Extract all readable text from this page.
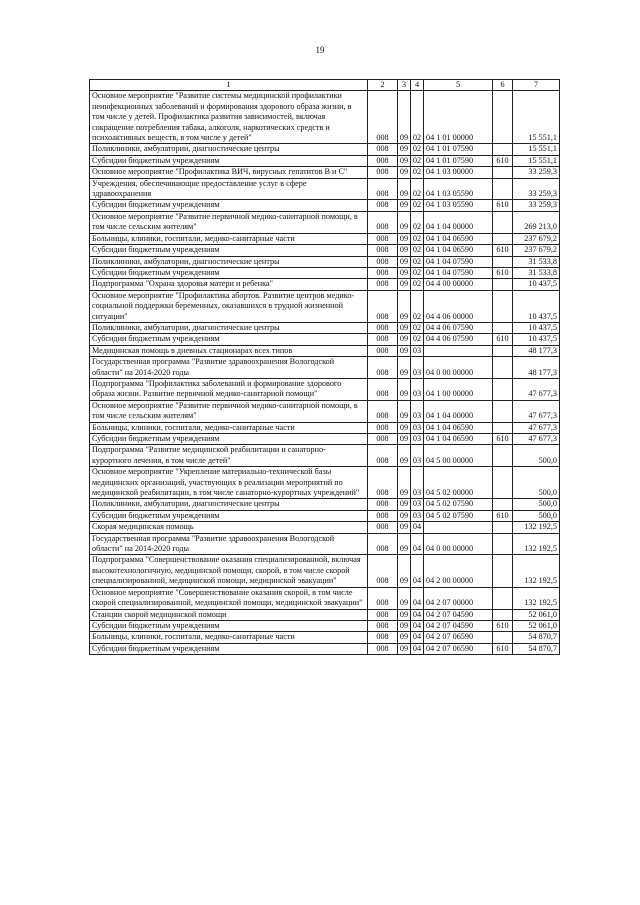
19
1	2	3	4	5	6	7
Основное мероприятие "Развитие системы медицинской профилактики неинфекционных заболеваний и формирования здорового образа жизни, в том числе у детей. Профилактика развития зависимостей, включая сокращение потребления табака, алкоголя, наркотических средств и психоактивных веществ, в том числе у детей"	008	09	02	04 1 01 00000		15 551,1
Поликлиники, амбулатории, диагностические центры	008	09	02	04 1 01 07590		15 551,1
Субсидии бюджетным учреждениям	008	09	02	04 1 01 07590	610	15 551,1
Основное мероприятие "Профилактика ВИЧ, вирусных гепатитов В и С"	008	09	02	04 1 03 00000		33 259,3
Учреждения, обеспечивающие предоставление услуг в сфере здравоохранения	008	09	02	04 1 03 05590		33 259,3
Субсидии бюджетным учреждениям	008	09	02	04 1 03 05590	610	33 259,3
Основное мероприятие "Развитие первичной медико-санитарной помощи, в том числе сельским жителям"	008	09	02	04 1 04 00000		269 213,0
Больницы, клиники, госпитали, медико-санитарные части	008	09	02	04 1 04 06590		237 679,2
Субсидии бюджетным учреждениям	008	09	02	04 1 04 06590	610	237 679,2
Поликлиники, амбулатории, диагностические центры	008	09	02	04 1 04 07590		31 533,8
Субсидии бюджетным учреждениям	008	09	02	04 1 04 07590	610	31 533,8
Подпрограмма "Охрана здоровья матери и ребенка"	008	09	02	04 4 00 00000		10 437,5
Основное мероприятие "Профилактика абортов. Развитие центров медико-социальной поддержки беременных, оказавшихся в трудной жизненной ситуации"	008	09	02	04 4 06 00000		10 437,5
Поликлиники, амбулатории, диагностические центры	008	09	02	04 4 06 07590		10 437,5
Субсидии бюджетным учреждениям	008	09	02	04 4 06 07590	610	10 437,5
Медицинская помощь в дневных стационарах всех типов	008	09	03			48 177,3
Государственная программа "Развитие здравоохранения Вологодской области" на 2014-2020 годы	008	09	03	04 0 00 00000		48 177,3
Подпрограмма "Профилактика заболеваний и формирование здорового образа жизни. Развитие первичной медико-санитарной помощи"	008	09	03	04 1 00 00000		47 677,3
Основное мероприятие "Развитие первичной медико-санитарной помощи, в том числе сельским жителям"	008	09	03	04 1 04 00000		47 677,3
Больницы, клиники, госпитали, медико-санитарные части	008	09	03	04 1 04 06590		47 677,3
Субсидии бюджетным учреждениям	008	09	03	04 1 04 06590	610	47 677,3
Подпрограмма "Развитие медицинской реабилитации и санаторно-курортного лечения, в том числе детей"	008	09	03	04 5 00 00000		500,0
Основное мероприятие "Укрепление материально-технической базы медицинских организаций, участвующих в реализации мероприятий по медицинской реабилитации, в том числе санаторно-курортных учреждений"	008	09	03	04 5 02 00000		500,0
Поликлиники, амбулатории, диагностические центры	008	09	03	04 5 02 07590		500,0
Субсидии бюджетным учреждениям	008	09	03	04 5 02 07590	610	500,0
Скорая медицинская помощь	008	09	04			132 192,5
Государственная программа "Развитие здравоохранения Вологодской области" на 2014-2020 годы	008	09	04	04 0 00 00000		132 192,5
Подпрограмма "Совершенствование оказания специализированной, включая высокотехнологичную, медицинской помощи, скорой, в том числе скорой специализированной, медицинской помощи, медицинской эвакуации"	008	09	04	04 2 00 00000		132 192,5
Основное мероприятие "Совершенствование оказания скорой, в том числе скорой специализированной, медицинской помощи, медицинской эвакуации"	008	09	04	04 2 07 00000		132 192,5
Станции скорой медицинской помощи	008	09	04	04 2 07 04590		52 061,0
Субсидии бюджетным учреждениям	008	09	04	04 2 07 04590	610	52 061,0
Больницы, клиники, госпитали, медико-санитарные части	008	09	04	04 2 07 06590		54 870,7
Субсидии бюджетным учреждениям	008	09	04	04 2 07 06590	610	54 870,7
